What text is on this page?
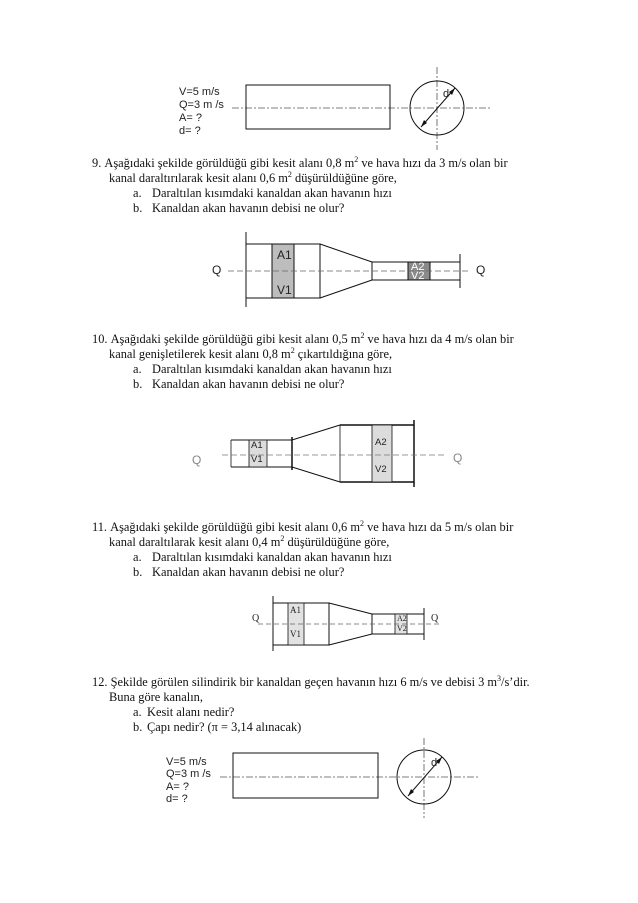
V=5 m/s
Q=3 m /s
A= ?
d= ?
d
9. Aşağıdaki şekilde görüldüğü gibi kesit alanı 0,8 $m^2$ ve hava hızı da 3 m/s olan bir
kanal daraltırılarak kesit alanı 0,6 $m^2$ düşürüldüğüne göre,
a. Daraltılan kısımdaki kanaldan akan havanın hızı
b. Kanaldan akan havanın debisi ne olur?
A1
V1
A2
V2
Q	Q
10. Aşağıdaki şekilde görüldüğü gibi kesit alanı 0,5 $m^2$ ve hava hızı da 4 m/s olan bir
kanal genişletilerek kesit alanı 0,8 $m^2$ çıkartıldığına göre,
a. Daraltılan kısımdaki kanaldan akan havanın hızı
b. Kanaldan akan havanın debisi ne olur?
A1
V1
A2
V2
Q	Q
11. Aşağıdaki şekilde görüldüğü gibi kesit alanı 0,6 $m^2$ ve hava hızı da 5 m/s olan bir
kanal daraltılarak kesit alanı 0,4 $m^2$ düşürüldüğüne göre,
a. Daraltılan kısımdaki kanaldan akan havanın hızı
b. Kanaldan akan havanın debisi ne olur?
A1
V1
A2
V2
Q	Q
12. Şekilde görülen silindirik bir kanaldan geçen havanın hızı 6 m/s ve debisi 3 $m^3/s’dir$.
Buna göre kanalın,
a. Kesit alanı nedir?
b. Çapı nedir? (π = 3,14 alınacak)
V=5 m/s
Q=3 m /s
A= ?
d= ?
d
